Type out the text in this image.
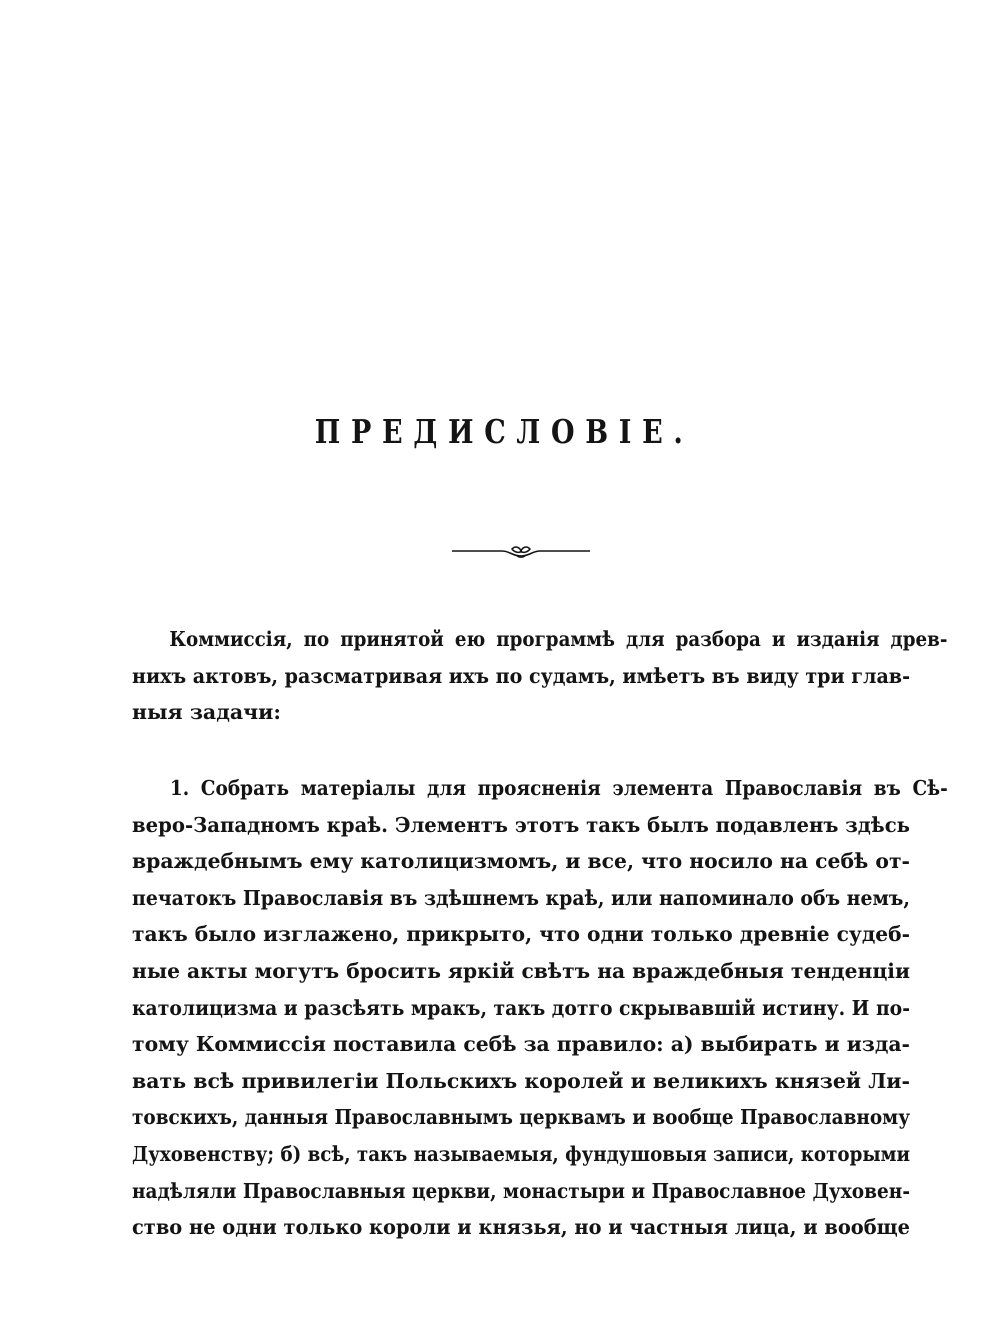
ПРЕДИСЛОВІЕ.
Коммиссія, по принятой ею программѣ для разбора и изданія древ-
нихъ актовъ, разсматривая ихъ по судамъ, имѣетъ въ виду три глав-
ныя задачи:
1. Собрать матеріалы для проясненія элемента Православія въ Сѣ-
веро-Западномъ краѣ. Элементъ этотъ такъ былъ подавленъ здѣсь
враждебнымъ ему католицизмомъ, и все, что носило на себѣ от-
печатокъ Православія въ здѣшнемъ краѣ, или напоминало объ немъ,
такъ было изглажено, прикрыто, что одни только древніе судеб-
ные акты могутъ бросить яркій свѣтъ на враждебныя тенденціи
католицизма и разсѣять мракъ, такъ дотго скрывавшій истину. И по-
тому Коммиссія поставила себѣ за правило: а) выбирать и изда-
вать всѣ привилегіи Польскихъ королей и великихъ князей Ли-
товскихъ, данныя Православнымъ церквамъ и вообще Православному
Духовенству; б) всѣ, такъ называемыя, фундушовыя записи, которыми
надѣляли Православныя церкви, монастыри и Православное Духовен-
ство не одни только короли и князья, но и частныя лица, и вообще
